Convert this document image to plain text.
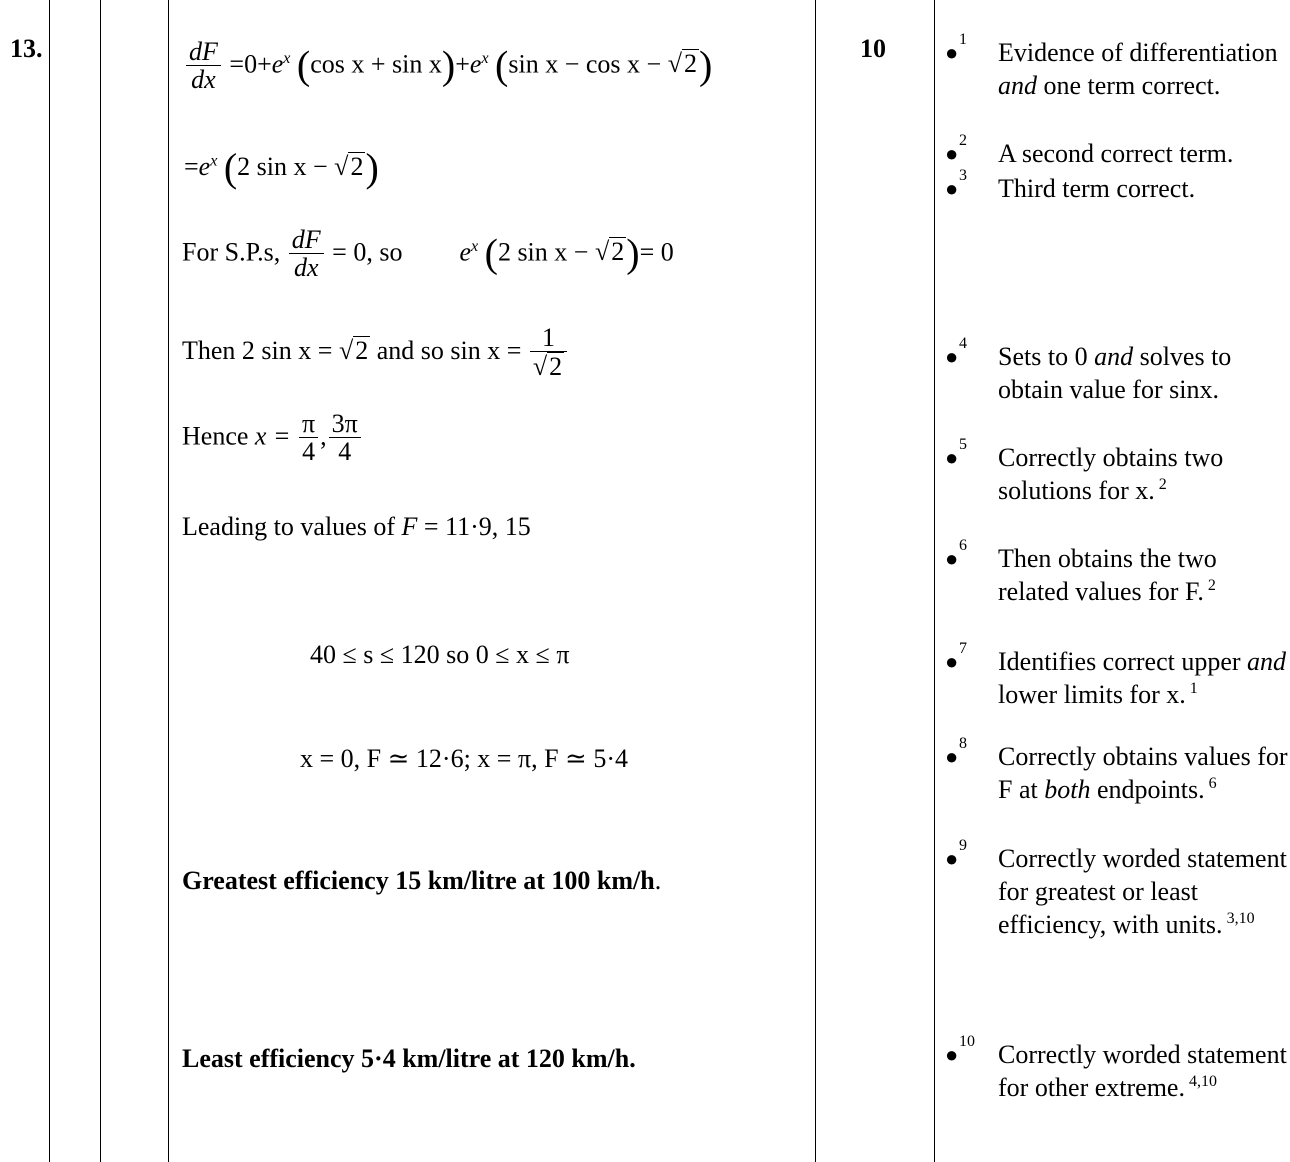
13.	10
$\frac{dF}{dx} =0+e^x$ (cos $x + \sin x)+e^x$ (sin x − cos x − √2)
$=e^x$ (2 sin x − √2)
For S.P.s, $\frac{dF}{dx} = 0$, so $e^x$ (2 sin x − √2)= 0
Then 2 sin x = √2 and so $\sin x = \frac{1}{√2}$
Hence $x = \frac{\pi}{4}$ , $\frac{3\pi}{4}$
Leading to values of F = 11·9, 15
40 ≤ s ≤ 120 so 0 ≤ x ≤ π
x = 0, F ≃ 12·6; x = π, F ≃ 5·4
Greatest efficiency 15 km/litre at 100 km/h.
Least efficiency 5·4 km/litre at 120 km/h.
●
1 Evidence of differentiation and one term correct.
●
2 A second correct term.
●
3 Third term correct.
●
4 Sets to 0 and solves to obtain value for sinx.
●
5 Correctly obtains two solutions for x. $^2$
●
6 Then obtains the two related values for F. $^2$
●
7 Identifies correct upper and lower limits for x. $^1$
●
8 Correctly obtains values for F at both endpoints. $^6$
●
9 Correctly worded statement for greatest or least efficiency, with units. $^{3,10}$
●
10 Correctly worded statement for other extreme. $^{4,10}$
